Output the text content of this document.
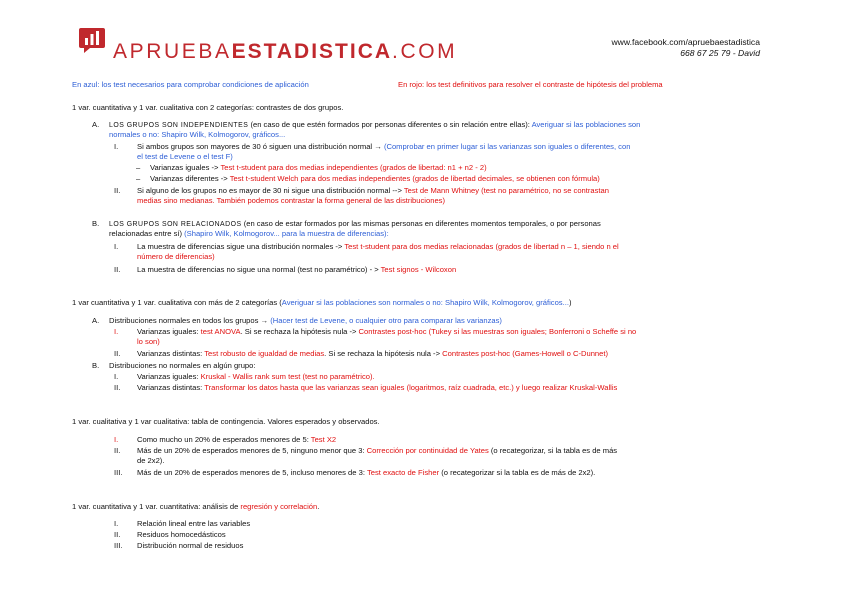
APRUEBAESTADISTICA.COM	www.facebook.com/apruebaestadistica
668 67 25 79 - David
En azul: los test necesarios para comprobar condiciones de aplicación	En rojo: los test definitivos para resolver el contraste de hipótesis del problema
1 var. cuantitativa y 1 var. cualitativa con 2 categorías: contrastes de dos grupos.
A. LOS GRUPOS SON INDEPENDIENTES (en caso de que estén formados por personas diferentes o sin relación entre ellas): Averiguar si las poblaciones son
normales o no: Shapiro Wilk, Kolmogorov, gráficos...
I. Si ambos grupos son mayores de 30 ó siguen una distribución normal → (Comprobar en primer lugar si las varianzas son iguales o diferentes, con
el test de Levene o el test F)
– Varianzas iguales -> Test t-student para dos medias independientes (grados de libertad: n1 + n2 - 2)
– Varianzas diferentes -> Test t-student Welch para dos medias independientes (grados de libertad decimales, se obtienen con fórmula)
II. Si alguno de los grupos no es mayor de 30 ni sigue una distribución normal --> Test de Mann Whitney (test no paramétrico, no se contrastan
medias sino medianas. También podemos contrastar la forma general de las distribuciones)
B. LOS GRUPOS SON RELACIONADOS (en caso de estar formados por las mismas personas en diferentes momentos temporales, o por personas
relacionadas entre sí) (Shapiro Wilk, Kolmogorov... para la muestra de diferencias):
I. La muestra de diferencias sigue una distribución normales -> Test t-student para dos medias relacionadas (grados de libertad n – 1, siendo n el
número de diferencias)
II. La muestra de diferencias no sigue una normal (test no paramétrico) - > Test signos - Wilcoxon
1 var cuantitativa y 1 var. cualitativa con más de 2 categorías (Averiguar si las poblaciones son normales o no: Shapiro Wilk, Kolmogorov, gráficos...)
A. Distribuciones normales en todos los grupos → (Hacer test de Levene, o cualquier otro para comparar las varianzas)
I. Varianzas iguales: test ANOVA. Si se rechaza la hipótesis nula -> Contrastes post-hoc (Tukey si las muestras son iguales; Bonferroni o Scheffe si no
lo son)
II. Varianzas distintas: Test robusto de igualdad de medias. Si se rechaza la hipótesis nula -> Contrastes post-hoc (Games-Howell o C-Dunnet)
B. Distribuciones no normales en algún grupo:
I. Varianzas iguales: Kruskal - Wallis rank sum test (test no paramétrico).
II. Varianzas distintas: Transformar los datos hasta que las varianzas sean iguales (logaritmos, raíz cuadrada, etc.) y luego realizar Kruskal-Wallis
1 var. cualitativa y 1 var cualitativa: tabla de contingencia. Valores esperados y observados.
I. Como mucho un 20% de esperados menores de 5: Test X2
II. Más de un 20% de esperados menores de 5, ninguno menor que 3: Corrección por continuidad de Yates (o recategorizar, si la tabla es de más
de 2x2).
III. Más de un 20% de esperados menores de 5, incluso menores de 3: Test exacto de Fisher (o recategorizar si la tabla es de más de 2x2).
1 var. cuantitativa y 1 var. cuantitativa: análisis de regresión y correlación.
I. Relación lineal entre las variables
II. Residuos homocedásticos
III. Distribución normal de residuos
